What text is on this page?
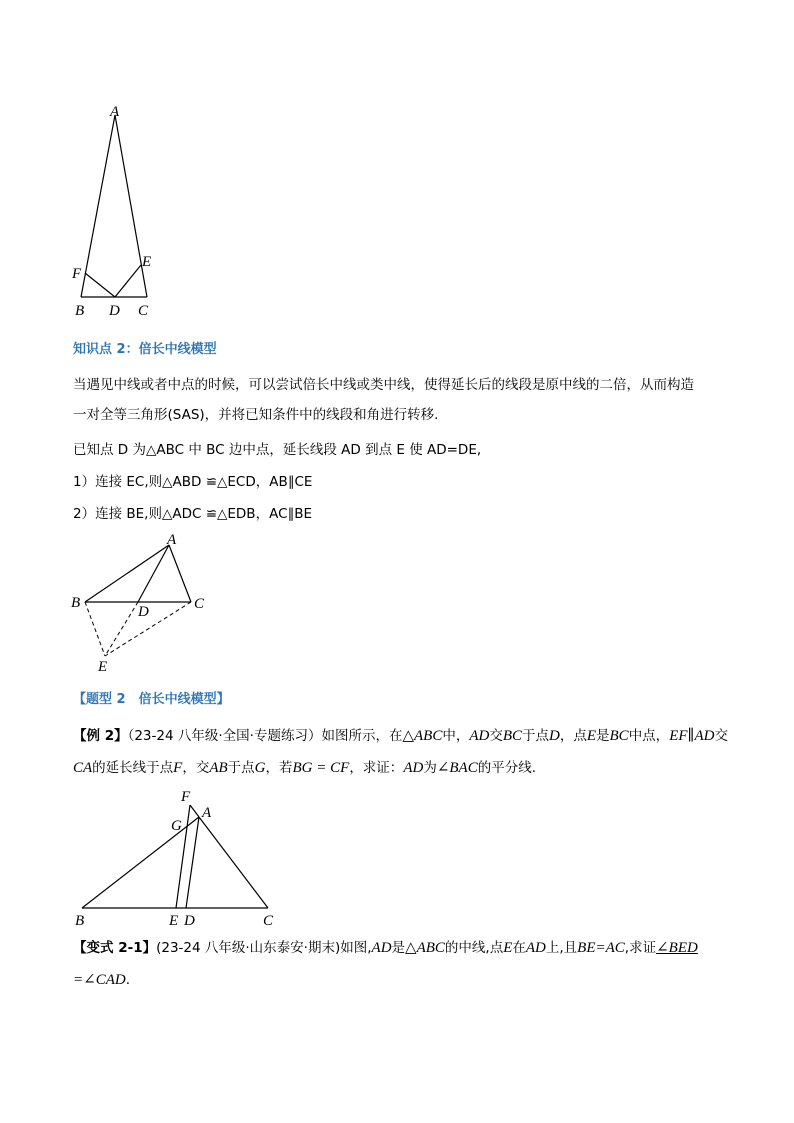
A
F
E
B D C
知识点 2：倍长中线模型
当遇见中线或者中点的时候，可以尝试倍长中线或类中线，使得延长后的线段是原中线的二倍，从而构造
一对全等三角形(SAS)，并将已知条件中的线段和角进行转移.
已知点 D 为△ABC 中 BC 边中点，延长线段 AD 到点 E 使 AD=DE,
1）连接 EC,则△ABD ≌△ECD，AB∥CE
2）连接 BE,则△ADC ≌△EDB，AC∥BE
A
B	C
D
E
【题型 2　倍长中线模型】
【例 2】（23-24 八年级·全国·专题练习）如图所示，在△ABC中，AD交BC于点D，点E是BC中点，EF∥AD交
CA的延长线于点F，交AB于点G，若BG = CF，求证：AD为∠BAC的平分线.
F
A
G
B	E D	C
【变式 2-1】(23-24 八年级·山东泰安·期末)如图,AD是△ABC的中线,点E在AD上,且BE=AC,求证∠BED
=∠CAD.
